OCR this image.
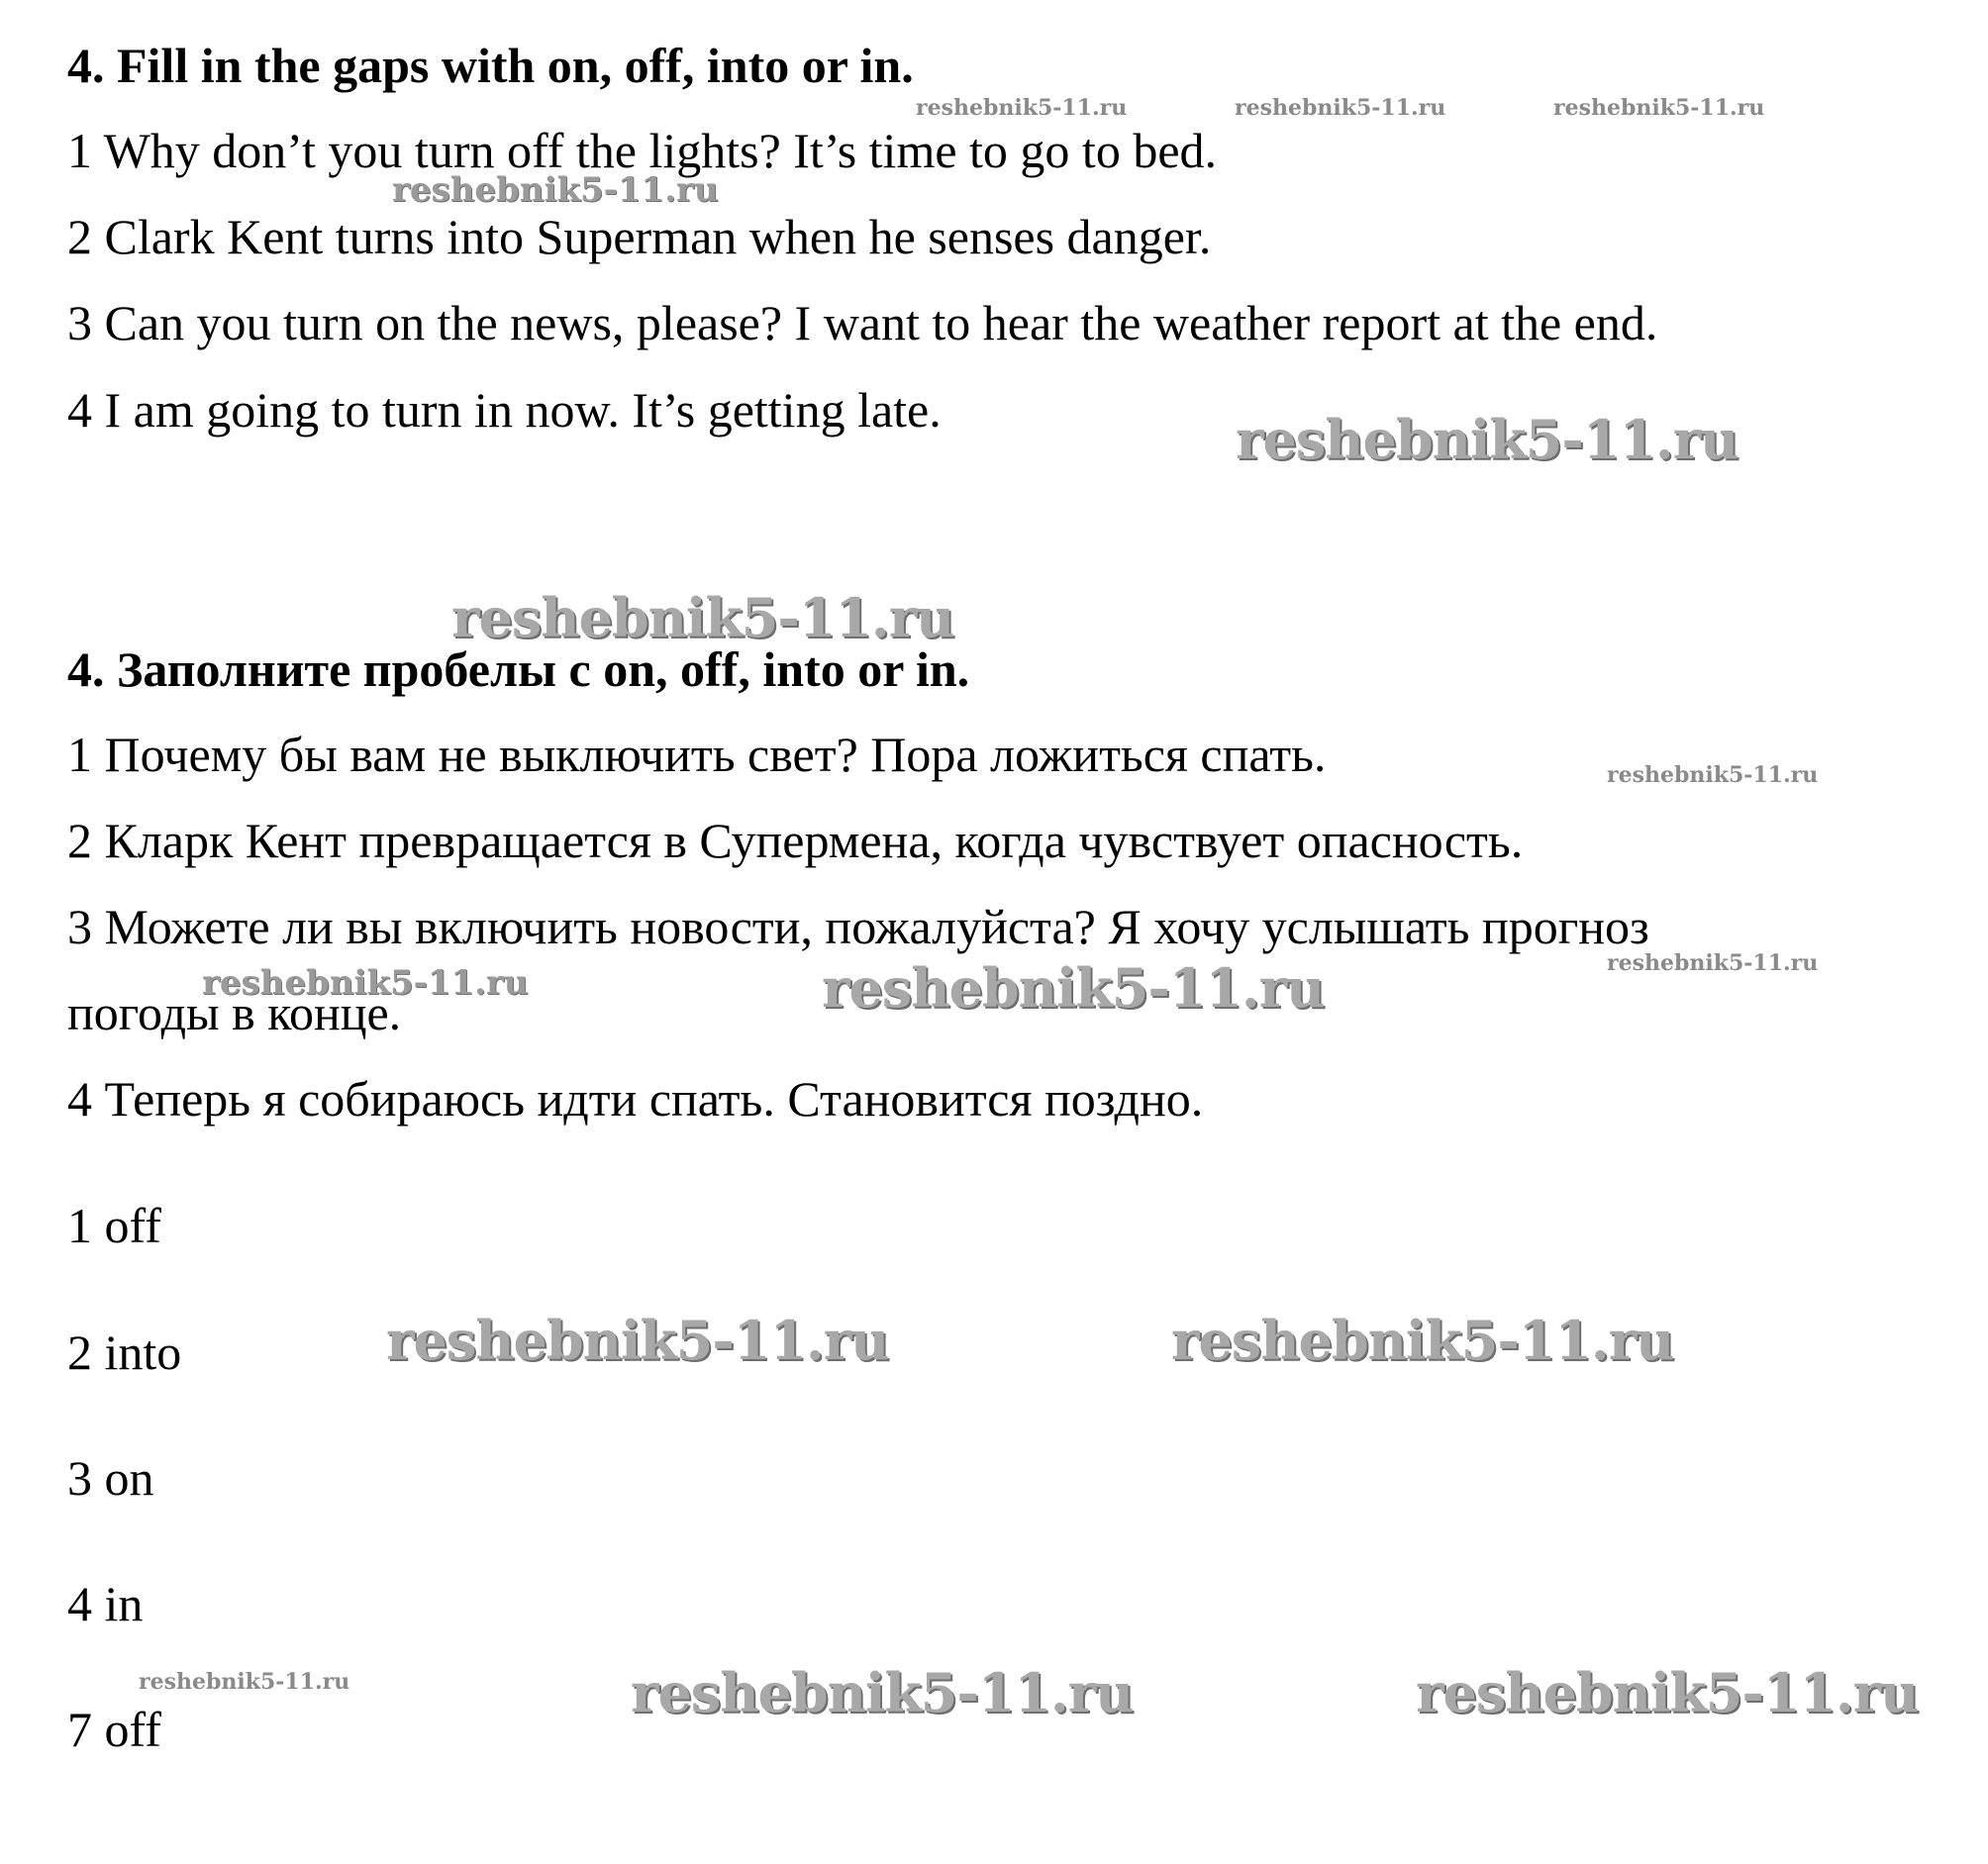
4. Fill in the gaps with on, off, into or in.

1 Why don’t you turn off the lights? It’s time to go to bed.

2 Clark Kent turns into Superman when he senses danger.

3 Can you turn on the news, please? I want to hear the weather report at the end.

4 I am going to turn in now. It’s getting late.

4. Заполните пробелы с on, off, into or in.

1 Почему бы вам не выключить свет? Пора ложиться спать.

2 Кларк Кент превращается в Супермена, когда чувствует опасность.

3 Можете ли вы включить новости, пожалуйста? Я хочу услышать прогноз

погоды в конце.

4 Теперь я собираюсь идти спать. Становится поздно.

1 off

2 into

3 on

4 in

7 off

reshebnik5-11.ru	reshebnik5-11.ru	reshebnik5-11.ru
reshebnik5-11.ru
reshebnik5-11.ru
reshebnik5-11.ru
reshebnik5-11.ru
reshebnik5-11.ru
reshebnik5-11.ru	reshebnik5-11.ru
reshebnik5-11.ru	reshebnik5-11.ru
reshebnik5-11.ru	reshebnik5-11.ru	reshebnik5-11.ru
